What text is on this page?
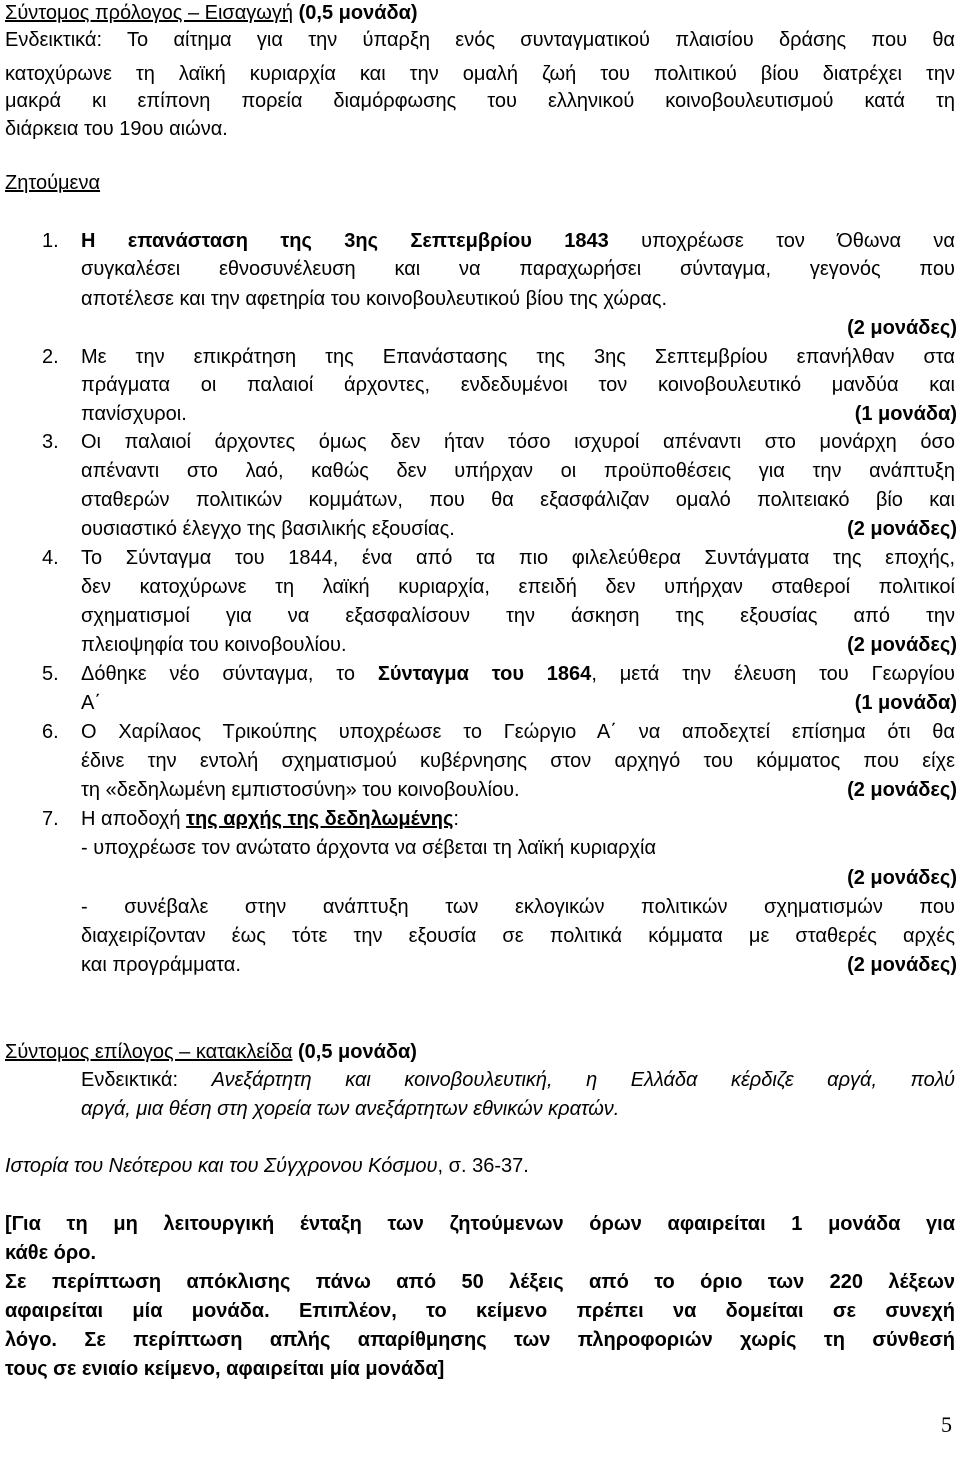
Σύντομος πρόλογος – Εισαγωγή (0,5 μονάδα)
Ενδεικτικά: Το αίτημα για την ύπαρξη ενός συνταγματικού πλαισίου δράσης που θα
κατοχύρωνε τη λαϊκή κυριαρχία και την ομαλή ζωή του πολιτικού βίου διατρέχει την
μακρά κι επίπονη πορεία διαμόρφωσης του ελληνικού κοινοβουλευτισμού κατά τη
διάρκεια του 19ου αιώνα.
Ζητούμενα
1. Η επανάσταση της 3ης Σεπτεμβρίου 1843 υποχρέωσε τον Όθωνα να
συγκαλέσει εθνοσυνέλευση και να παραχωρήσει σύνταγμα, γεγονός που
αποτέλεσε και την αφετηρία του κοινοβουλευτικού βίου της χώρας.
(2 μονάδες)
2. Με την επικράτηση της Επανάστασης της 3ης Σεπτεμβρίου επανήλθαν στα
πράγματα οι παλαιοί άρχοντες, ενδεδυμένοι τον κοινοβουλευτικό μανδύα και
πανίσχυροι.	(1 μονάδα)
3. Οι παλαιοί άρχοντες όμως δεν ήταν τόσο ισχυροί απέναντι στο μονάρχη όσο
απέναντι στο λαό, καθώς δεν υπήρχαν οι προϋποθέσεις για την ανάπτυξη
σταθερών πολιτικών κομμάτων, που θα εξασφάλιζαν ομαλό πολιτειακό βίο και
ουσιαστικό έλεγχο της βασιλικής εξουσίας.	(2 μονάδες)
4. Το Σύνταγμα του 1844, ένα από τα πιο φιλελεύθερα Συντάγματα της εποχής,
δεν κατοχύρωνε τη λαϊκή κυριαρχία, επειδή δεν υπήρχαν σταθεροί πολιτικοί
σχηματισμοί για να εξασφαλίσουν την άσκηση της εξουσίας από την
πλειοψηφία του κοινοβουλίου.	(2 μονάδες)
5. Δόθηκε νέο σύνταγμα, το Σύνταγμα του 1864, μετά την έλευση του Γεωργίου
Α΄	(1 μονάδα)
6. Ο Χαρίλαος Τρικούπης υποχρέωσε το Γεώργιο Α΄ να αποδεχτεί επίσημα ότι θα
έδινε την εντολή σχηματισμού κυβέρνησης στον αρχηγό του κόμματος που είχε
τη «δεδηλωμένη εμπιστοσύνη» του κοινοβουλίου.	(2 μονάδες)
7. Η αποδοχή της αρχής της δεδηλωμένης:
- υποχρέωσε τον ανώτατο άρχοντα να σέβεται τη λαϊκή κυριαρχία
(2 μονάδες)
- συνέβαλε στην ανάπτυξη των εκλογικών πολιτικών σχηματισμών που
διαχειρίζονταν έως τότε την εξουσία σε πολιτικά κόμματα με σταθερές αρχές
και προγράμματα.	(2 μονάδες)
Σύντομος επίλογος – κατακλείδα (0,5 μονάδα)
Ενδεικτικά: Ανεξάρτητη και κοινοβουλευτική, η Ελλάδα κέρδιζε αργά, πολύ
αργά, μια θέση στη χορεία των ανεξάρτητων εθνικών κρατών.
Ιστορία του Νεότερου και του Σύγχρονου Κόσμου, σ. 36-37.
[Για τη μη λειτουργική ένταξη των ζητούμενων όρων αφαιρείται 1 μονάδα για
κάθε όρο.
Σε περίπτωση απόκλισης πάνω από 50 λέξεις από το όριο των 220 λέξεων
αφαιρείται μία μονάδα. Επιπλέον, το κείμενο πρέπει να δομείται σε συνεχή
λόγο. Σε περίπτωση απλής απαρίθμησης των πληροφοριών χωρίς τη σύνθεσή
τους σε ενιαίο κείμενο, αφαιρείται μία μονάδα]
5
